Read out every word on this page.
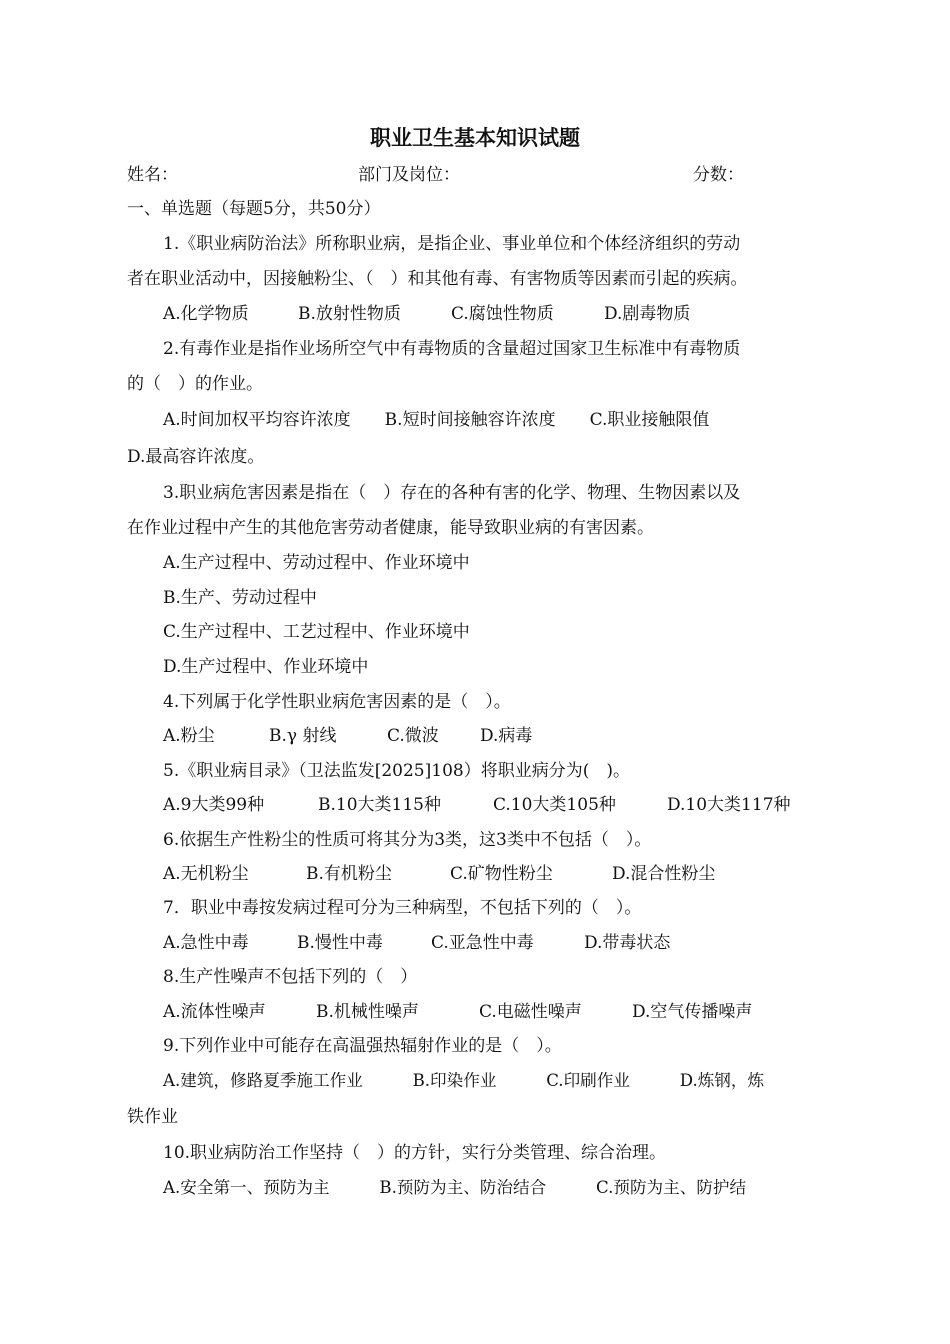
职业卫生基本知识试题
姓名：	部门及岗位：	分数：
一、单选题（每题5分，共50分）
1.《职业病防治法》所称职业病，是指企业、事业单位和个体经济组织的劳动
者在职业活动中，因接触粉尘、（　）和其他有毒、有害物质等因素而引起的疾病。
A.化学物质	B.放射性物质	C.腐蚀性物质	D.剧毒物质
2.有毒作业是指作业场所空气中有毒物质的含量超过国家卫生标准中有毒物质
的（　）的作业。
A.时间加权平均容许浓度　　B.短时间接触容许浓度　　C.职业接触限值
D.最高容许浓度。
3.职业病危害因素是指在（　）存在的各种有害的化学、物理、生物因素以及
在作业过程中产生的其他危害劳动者健康，能导致职业病的有害因素。
A.生产过程中、劳动过程中、作业环境中
B.生产、劳动过程中
C.生产过程中、工艺过程中、作业环境中
D.生产过程中、作业环境中
4.下列属于化学性职业病危害因素的是（　）。
A.粉尘	B.γ 射线	C.微波 D.病毒
5.《职业病目录》（卫法监发[2025]108）将职业病分为(　)。
A.9大类99种	B.10大类115种	C.10大类105种	D.10大类117种
6.依据生产性粉尘的性质可将其分为3类，这3类中不包括（　）。
A.无机粉尘	B.有机粉尘	C.矿物性粉尘	D.混合性粉尘
7．职业中毒按发病过程可分为三种病型，不包括下列的（　）。
A.急性中毒	B.慢性中毒	C.亚急性中毒	D.带毒状态
8.生产性噪声不包括下列的（　）
A.流体性噪声	B.机械性噪声	C.电磁性噪声	D.空气传播噪声
9.下列作业中可能存在高温强热辐射作业的是（　）。
A.建筑，修路夏季施工作业　　　B.印染作业　　　C.印刷作业　　　D.炼钢，炼
铁作业
10.职业病防治工作坚持（　）的方针，实行分类管理、综合治理。
A.安全第一、预防为主　　　B.预防为主、防治结合　　　C.预防为主、防护结
